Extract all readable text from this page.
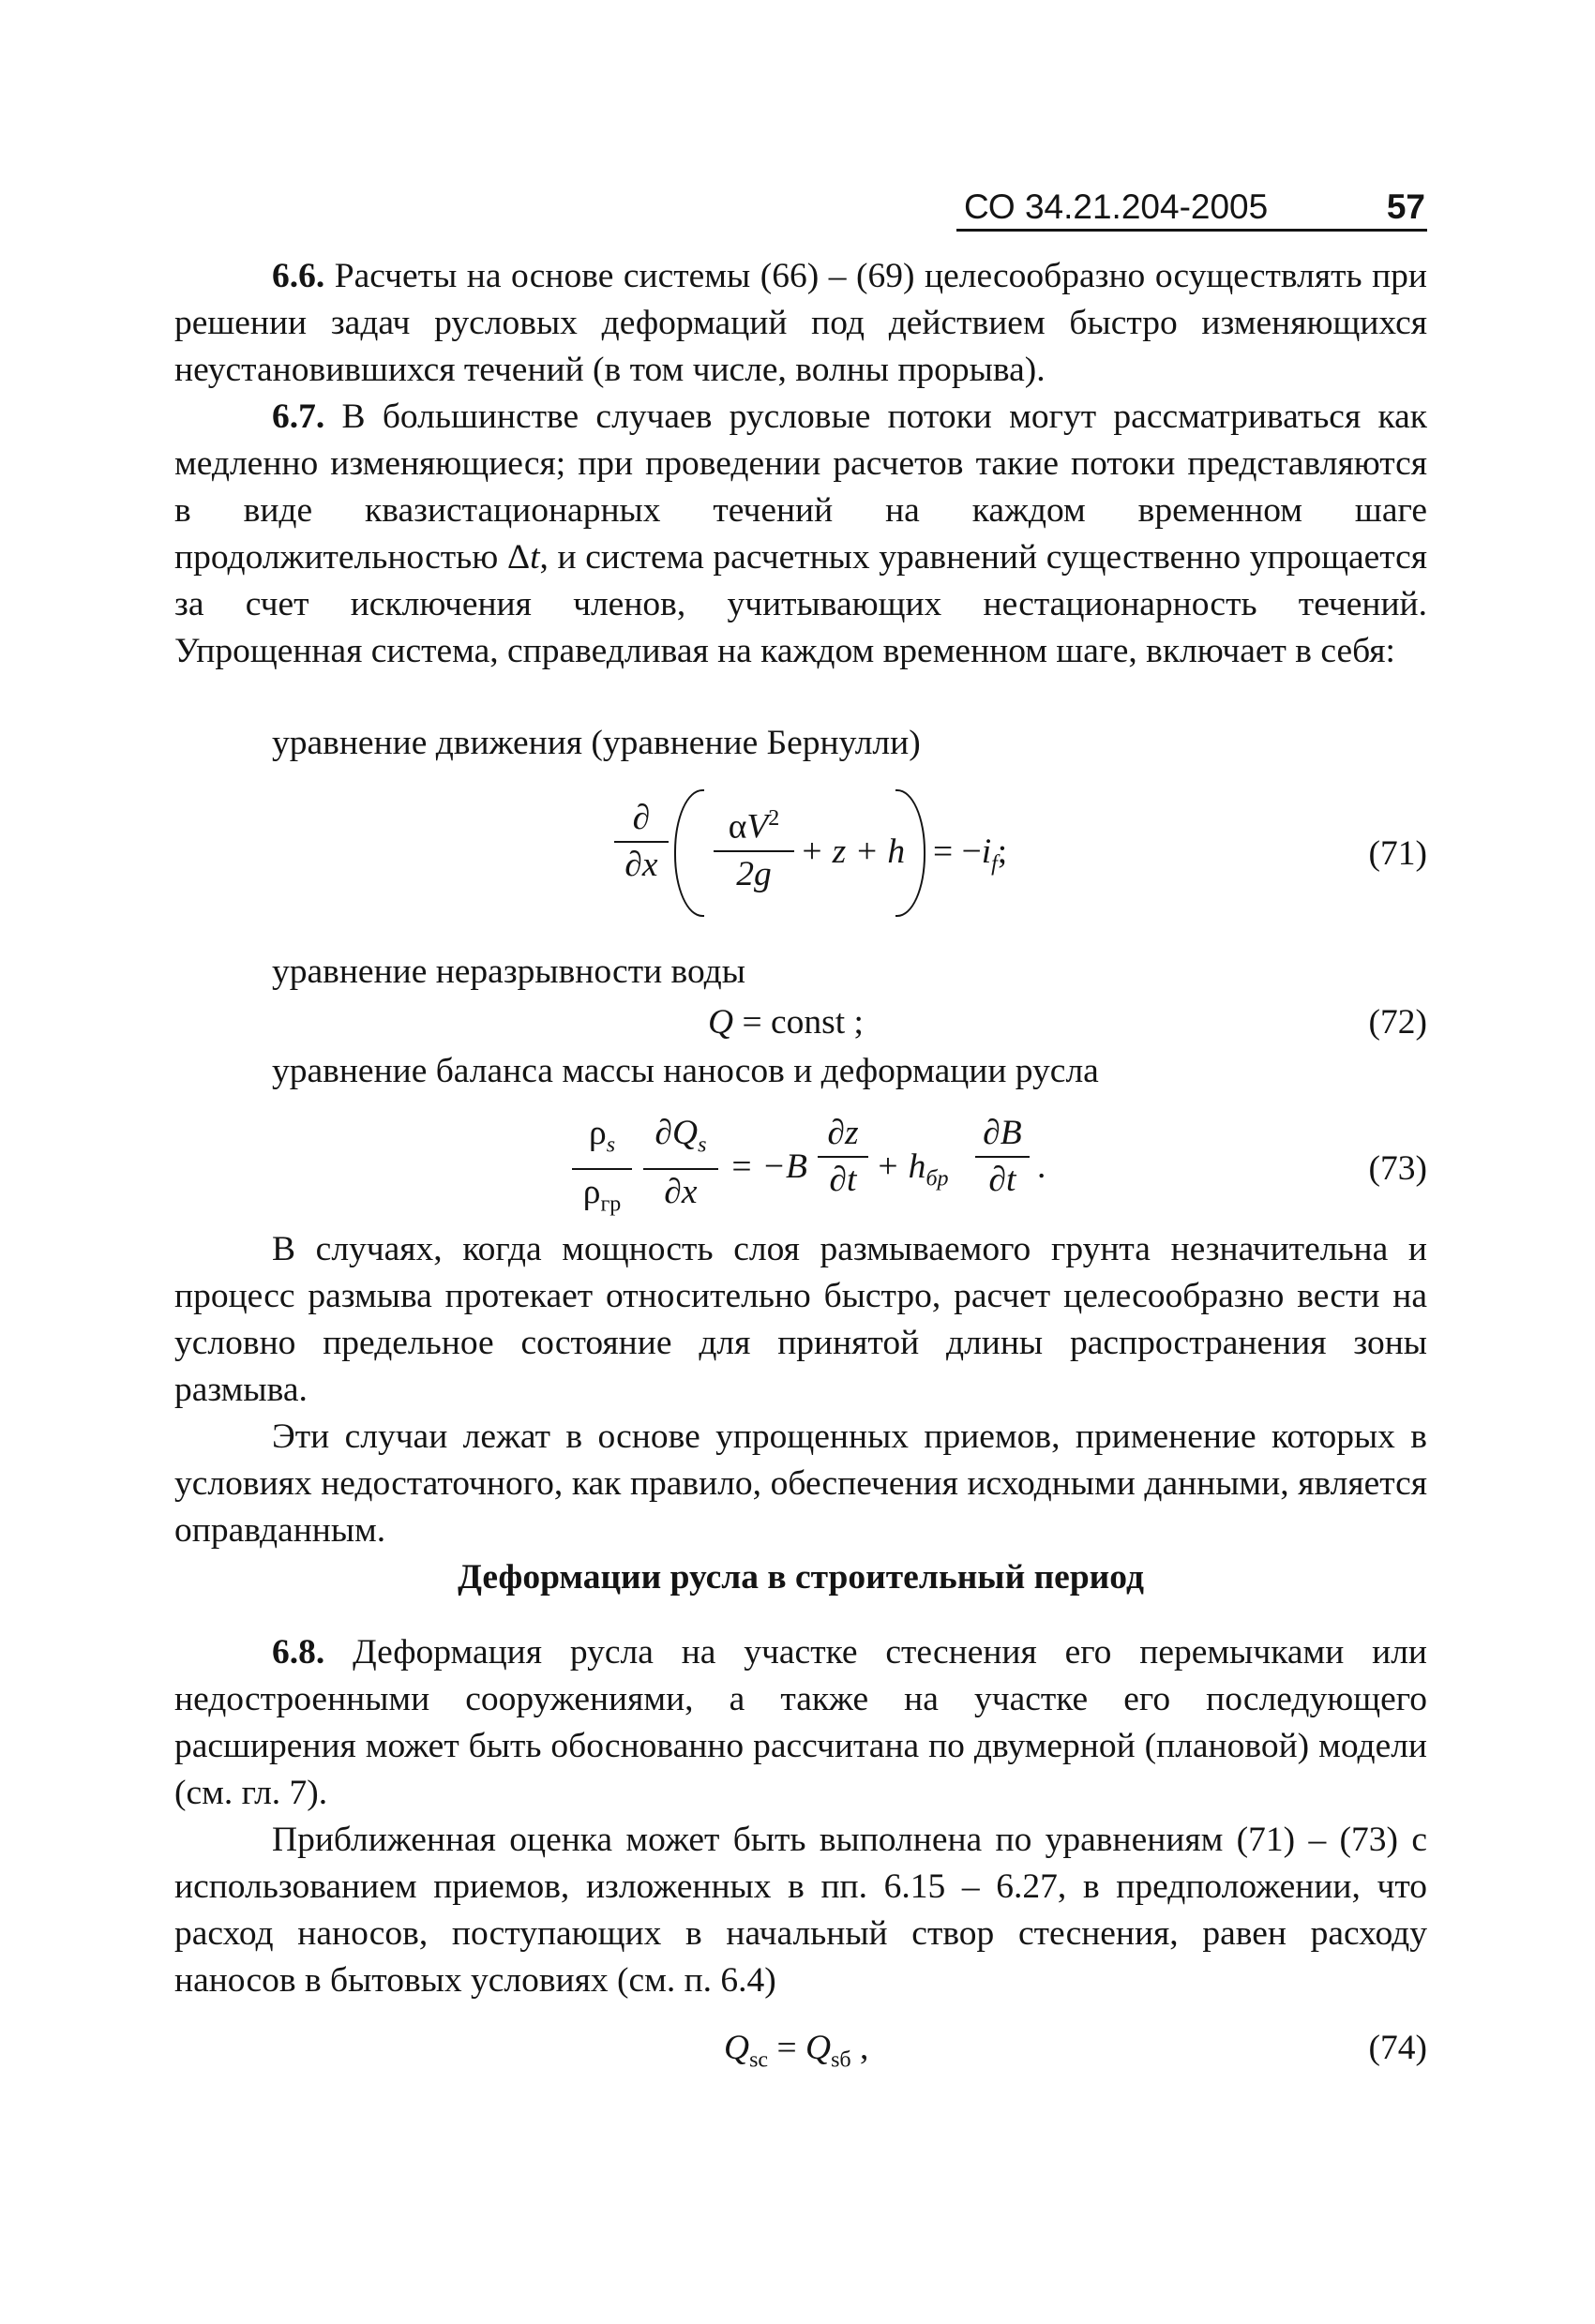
СО 34.21.204-2005	57

6.6. Расчеты на основе системы (66) – (69) целесообразно осуществлять при решении задач русловых деформаций под действием быстро изменяющихся неустановившихся течений (в том числе, волны прорыва).

6.7. В большинстве случаев русловые потоки могут рассматриваться как медленно изменяющиеся; при проведении расчетов такие потоки представляются в виде квазистационарных течений на каждом временном шаге продолжительностью Δt, и система расчетных уравнений существенно упрощается за счет исключения членов, учитывающих нестационарность течений. Упрощенная система, справедливая на каждом временном шаге, включает в себя:

уравнение движения (уравнение Бернулли)

∂
∂x
$\alpha V^2$
2g
+ $z + h = -i_f$;	(71)

уравнение неразрывности воды

Q = const ;	(72)

уравнение баланса массы наносов и деформации русла

$\rho_s$
$\rho_{гр}$
$\partial Q_s$
∂x
= −B
∂z
$\partial t + h_{бр}$
∂B
∂t .	(73)

В случаях, когда мощность слоя размываемого грунта незначительна и процесс размыва протекает относительно быстро, расчет целесообразно вести на условно предельное состояние для принятой длины распространения зоны размыва.

Эти случаи лежат в основе упрощенных приемов, применение которых в условиях недостаточного, как правило, обеспечения исходными данными, является оправданным.

Деформации русла в строительный период

6.8. Деформация русла на участке стеснения его перемычками или недостроенными сооружениями, а также на участке его последующего расширения может быть обоснованно рассчитана по двумерной (плановой) модели (см. гл. 7).

Приближенная оценка может быть выполнена по уравнениям (71) – (73) с использованием приемов, изложенных в пп. 6.15 – 6.27, в предположении, что расход наносов, поступающих в начальный створ стеснения, равен расходу наносов в бытовых условиях (см. п. 6.4)

$Q_{sс} = Q_{sб}$ ,	(74)
